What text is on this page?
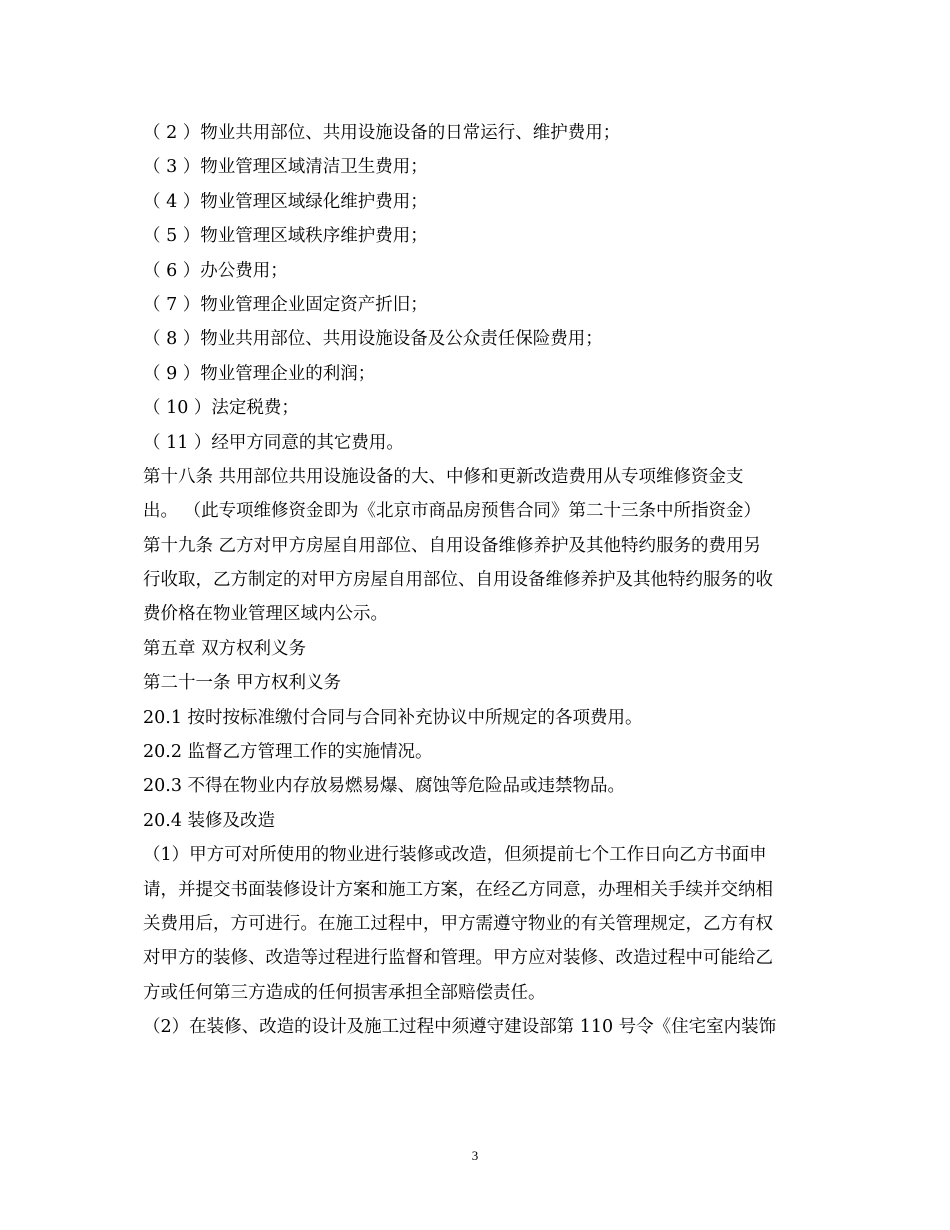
（ 2 ）物业共用部位、共用设施设备的日常运行、维护费用；
（ 3 ）物业管理区域清洁卫生费用；
（ 4 ）物业管理区域绿化维护费用；
（ 5 ）物业管理区域秩序维护费用；
（ 6 ）办公费用；
（ 7 ）物业管理企业固定资产折旧；
（ 8 ）物业共用部位、共用设施设备及公众责任保险费用；
（ 9 ）物业管理企业的利润；
（ 10 ）法定税费；
（ 11 ）经甲方同意的其它费用。
第十八条 共用部位共用设施设备的大、中修和更新改造费用从专项维修资金支
出。 （此专项维修资金即为《北京市商品房预售合同》第二十三条中所指资金）
第十九条 乙方对甲方房屋自用部位、自用设备维修养护及其他特约服务的费用另
行收取，乙方制定的对甲方房屋自用部位、自用设备维修养护及其他特约服务的收
费价格在物业管理区域内公示。
第五章 双方权利义务
第二十一条 甲方权利义务
20.1 按时按标准缴付合同与合同补充协议中所规定的各项费用。
20.2 监督乙方管理工作的实施情况。
20.3 不得在物业内存放易燃易爆、腐蚀等危险品或违禁物品。
20.4 装修及改造
（1）甲方可对所使用的物业进行装修或改造，但须提前七个工作日向乙方书面申
请，并提交书面装修设计方案和施工方案，在经乙方同意，办理相关手续并交纳相
关费用后，方可进行。在施工过程中，甲方需遵守物业的有关管理规定，乙方有权
对甲方的装修、改造等过程进行监督和管理。甲方应对装修、改造过程中可能给乙
方或任何第三方造成的任何损害承担全部赔偿责任。
（2）在装修、改造的设计及施工过程中须遵守建设部第 110 号令《住宅室内装饰
3
